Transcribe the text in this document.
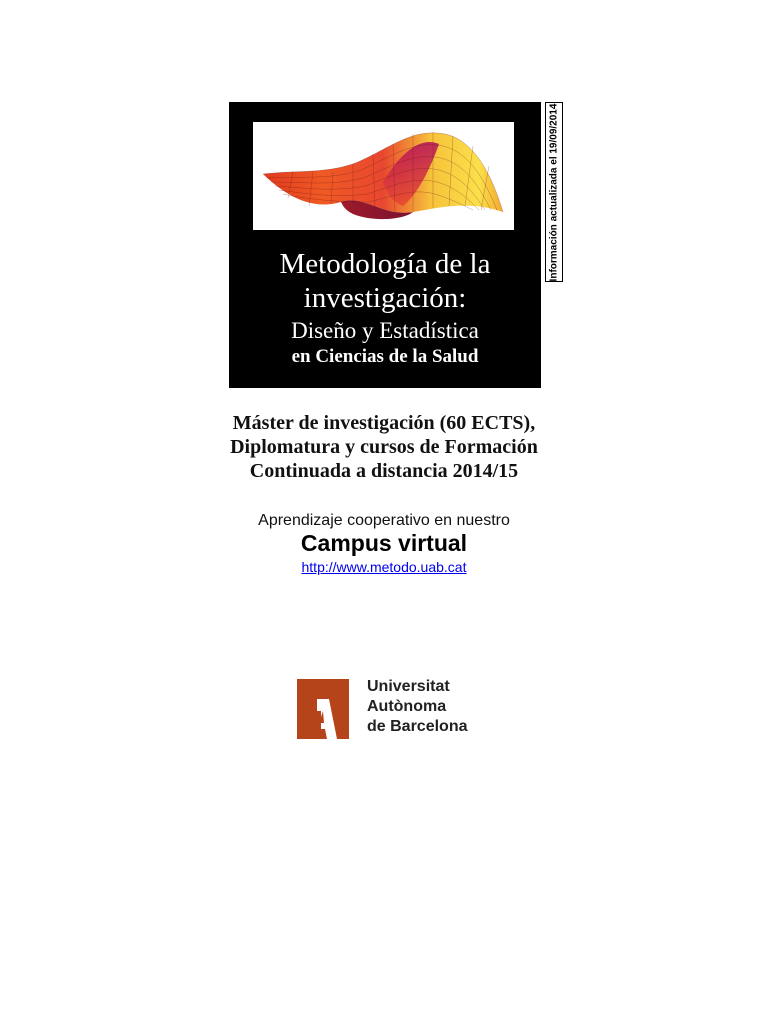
Metodología de la
investigación:
Diseño y Estadística
en Ciencias de la Salud
Información actualizada el 19/09/2014
Máster de investigación (60 ECTS),
Diplomatura y cursos de Formación
Continuada a distancia 2014/15
Aprendizaje cooperativo en nuestro
Campus virtual
http://www.metodo.uab.cat
Universitat
Autònoma
de Barcelona
